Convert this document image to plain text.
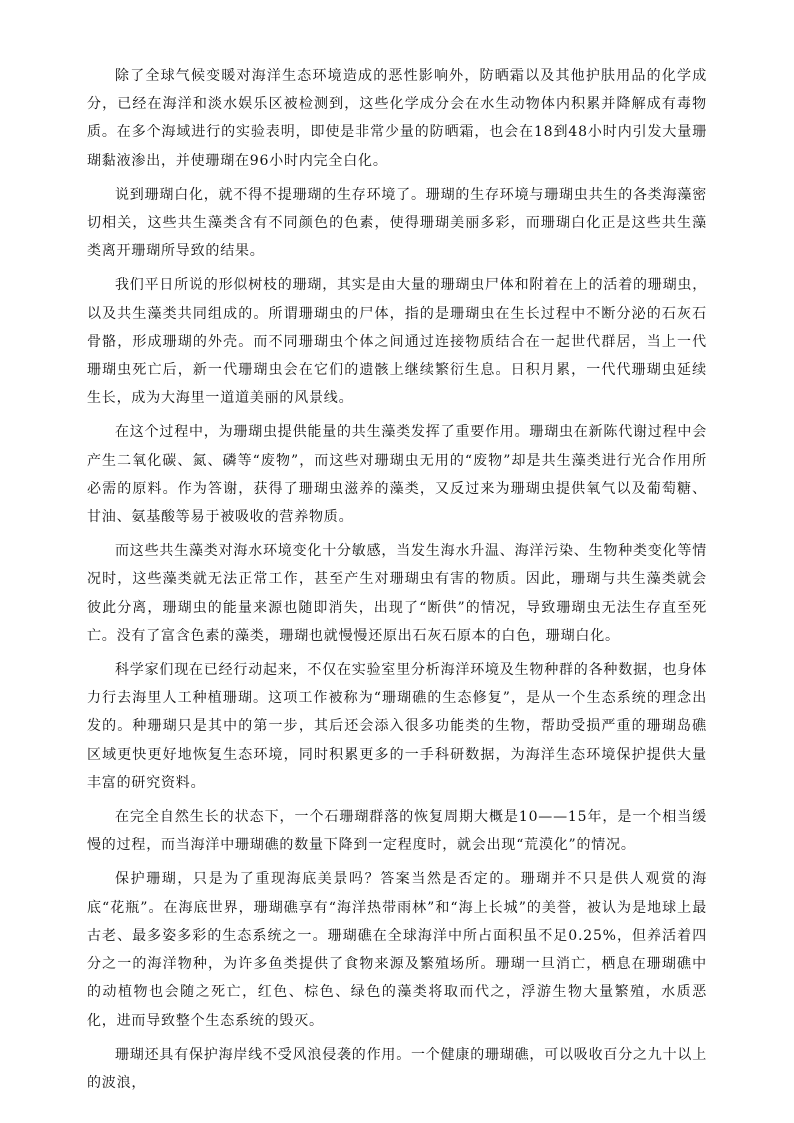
除了全球气候变暖对海洋生态环境造成的恶性影响外，防晒霜以及其他护肤用品的化学成分，已经在海洋和淡水娱乐区被检测到，这些化学成分会在水生动物体内积累并降解成有毒物质。在多个海域进行的实验表明，即使是非常少量的防晒霜，也会在18到48小时内引发大量珊瑚黏液渗出，并使珊瑚在96小时内完全白化。

说到珊瑚白化，就不得不提珊瑚的生存环境了。珊瑚的生存环境与珊瑚虫共生的各类海藻密切相关，这些共生藻类含有不同颜色的色素，使得珊瑚美丽多彩，而珊瑚白化正是这些共生藻类离开珊瑚所导致的结果。

我们平日所说的形似树枝的珊瑚，其实是由大量的珊瑚虫尸体和附着在上的活着的珊瑚虫，以及共生藻类共同组成的。所谓珊瑚虫的尸体，指的是珊瑚虫在生长过程中不断分泌的石灰石骨骼，形成珊瑚的外壳。而不同珊瑚虫个体之间通过连接物质结合在一起世代群居，当上一代珊瑚虫死亡后，新一代珊瑚虫会在它们的遗骸上继续繁衍生息。日积月累，一代代珊瑚虫延续生长，成为大海里一道道美丽的风景线。

在这个过程中，为珊瑚虫提供能量的共生藻类发挥了重要作用。珊瑚虫在新陈代谢过程中会产生二氧化碳、氮、磷等“废物”，而这些对珊瑚虫无用的“废物”却是共生藻类进行光合作用所必需的原料。作为答谢，获得了珊瑚虫滋养的藻类，又反过来为珊瑚虫提供氧气以及葡萄糖、甘油、氨基酸等易于被吸收的营养物质。

而这些共生藻类对海水环境变化十分敏感，当发生海水升温、海洋污染、生物种类变化等情况时，这些藻类就无法正常工作，甚至产生对珊瑚虫有害的物质。因此，珊瑚与共生藻类就会彼此分离，珊瑚虫的能量来源也随即消失，出现了“断供”的情况，导致珊瑚虫无法生存直至死亡。没有了富含色素的藻类，珊瑚也就慢慢还原出石灰石原本的白色，珊瑚白化。

科学家们现在已经行动起来，不仅在实验室里分析海洋环境及生物种群的各种数据，也身体力行去海里人工种植珊瑚。这项工作被称为“珊瑚礁的生态修复”，是从一个生态系统的理念出发的。种珊瑚只是其中的第一步，其后还会添入很多功能类的生物，帮助受损严重的珊瑚岛礁区域更快更好地恢复生态环境，同时积累更多的一手科研数据，为海洋生态环境保护提供大量丰富的研究资料。

在完全自然生长的状态下，一个石珊瑚群落的恢复周期大概是10——15年，是一个相当缓慢的过程，而当海洋中珊瑚礁的数量下降到一定程度时，就会出现“荒漠化”的情况。

保护珊瑚，只是为了重现海底美景吗？答案当然是否定的。珊瑚并不只是供人观赏的海底“花瓶”。在海底世界，珊瑚礁享有“海洋热带雨林”和“海上长城”的美誉，被认为是地球上最古老、最多姿多彩的生态系统之一。珊瑚礁在全球海洋中所占面积虽不足0.25%，但养活着四分之一的海洋物种，为许多鱼类提供了食物来源及繁殖场所。珊瑚一旦消亡，栖息在珊瑚礁中的动植物也会随之死亡，红色、棕色、绿色的藻类将取而代之，浮游生物大量繁殖，水质恶化，进而导致整个生态系统的毁灭。

珊瑚还具有保护海岸线不受风浪侵袭的作用。一个健康的珊瑚礁，可以吸收百分之九十以上的波浪，
